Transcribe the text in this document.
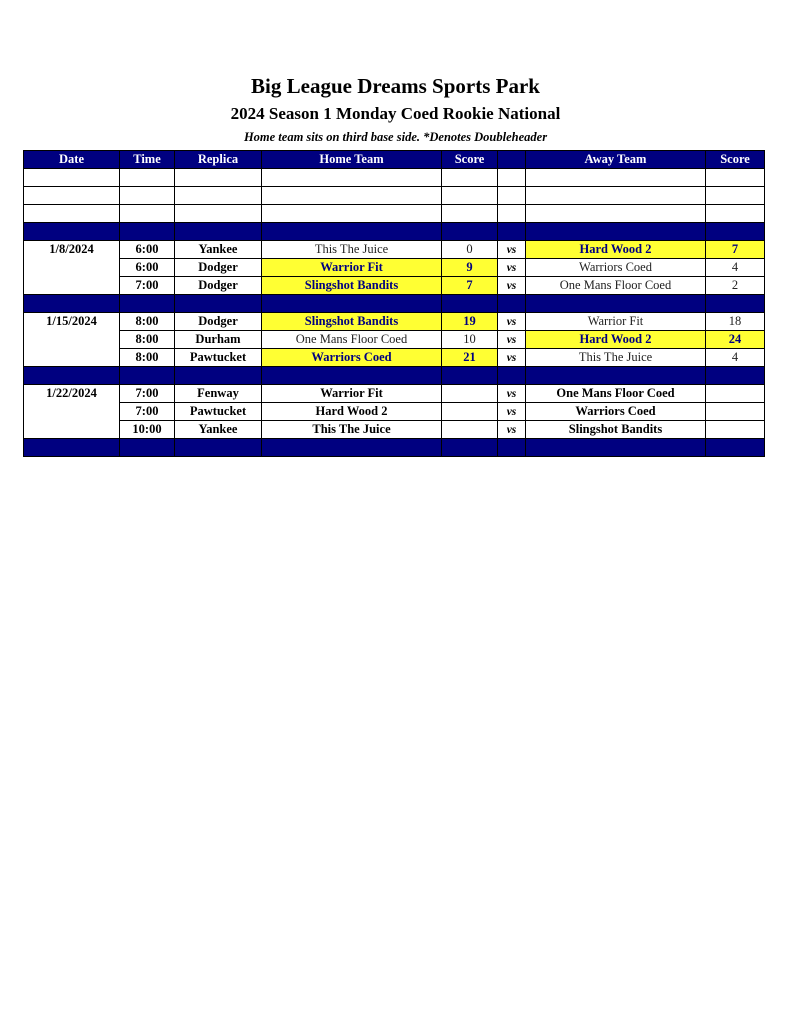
Big League Dreams Sports Park
2024 Season 1 Monday Coed Rookie National
Home team sits on third base side. *Denotes Doubleheader
Date	Time	Replica	Home Team	Score		Away Team	Score

1/8/2024	6:00	Yankee	This The Juice	0	vs	Hard Wood 2	7
	6:00	Dodger	Warrior Fit	9	vs	Warriors Coed	4
	7:00	Dodger	Slingshot Bandits	7	vs	One Mans Floor Coed	2

1/15/2024	8:00	Dodger	Slingshot Bandits	19	vs	Warrior Fit	18
	8:00	Durham	One Mans Floor Coed	10	vs	Hard Wood 2	24
	8:00	Pawtucket	Warriors Coed	21	vs	This The Juice	4

1/22/2024	7:00	Fenway	Warrior Fit		vs	One Mans Floor Coed	
	7:00	Pawtucket	Hard Wood 2		vs	Warriors Coed	
	10:00	Yankee	This The Juice		vs	Slingshot Bandits	
